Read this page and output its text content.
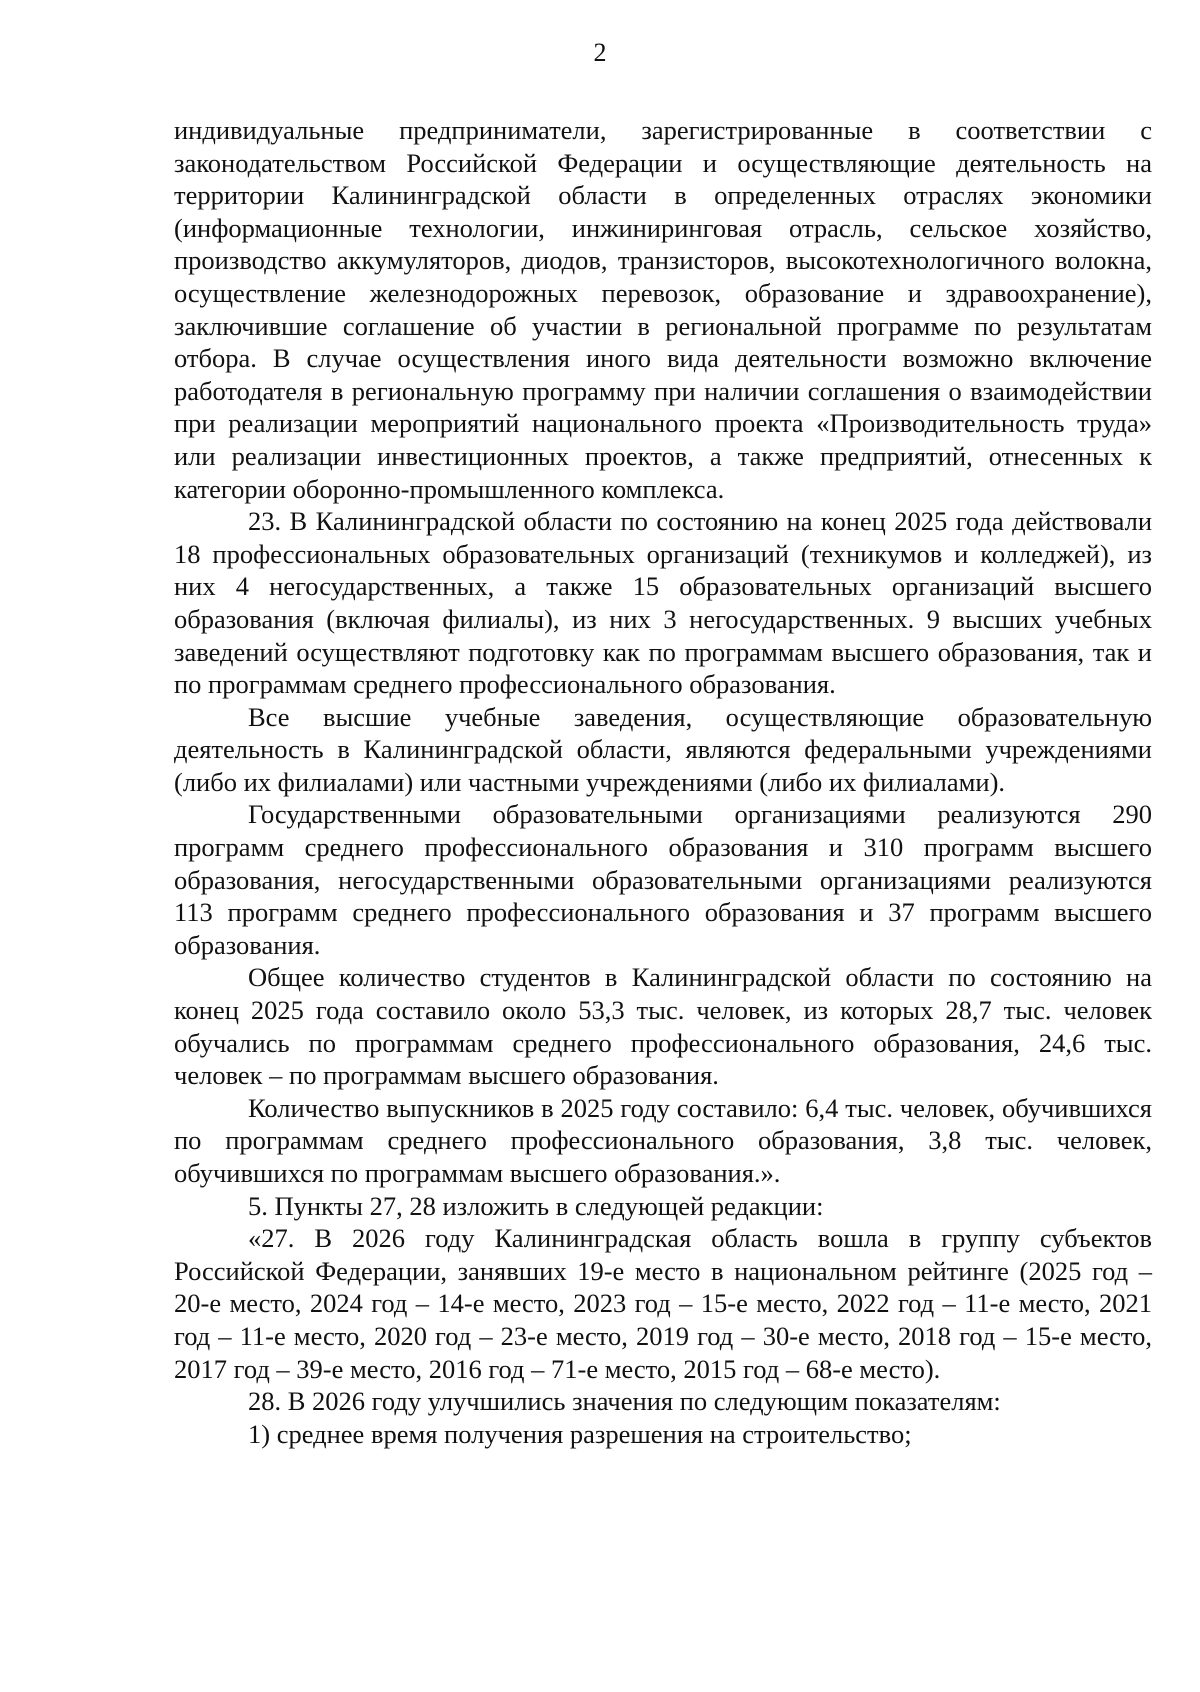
2

индивидуальные предприниматели, зарегистрированные в соответствии с законодательством Российской Федерации и осуществляющие деятельность на территории Калининградской области в определенных отраслях экономики (информационные технологии, инжиниринговая отрасль, сельское хозяйство, производство аккумуляторов, диодов, транзисторов, высокотехнологичного волокна, осуществление железнодорожных перевозок, образование и здравоохранение), заключившие соглашение об участии в региональной программе по результатам отбора. В случае осуществления иного вида деятельности возможно включение работодателя в региональную программу при наличии соглашения о взаимодействии при реализации мероприятий национального проекта «Производительность труда» или реализации инвестиционных проектов, а также предприятий, отнесенных к категории оборонно-промышленного комплекса.

23. В Калининградской области по состоянию на конец 2025 года действовали 18 профессиональных образовательных организаций (техникумов и колледжей), из них 4 негосударственных, а также 15 образовательных организаций высшего образования (включая филиалы), из них 3 негосударственных. 9 высших учебных заведений осуществляют подготовку как по программам высшего образования, так и по программам среднего профессионального образования.

Все высшие учебные заведения, осуществляющие образовательную деятельность в Калининградской области, являются федеральными учреждениями (либо их филиалами) или частными учреждениями (либо их филиалами).

Государственными образовательными организациями реализуются 290 программ среднего профессионального образования и 310 программ высшего образования, негосударственными образовательными организациями реализуются 113 программ среднего профессионального образования и 37 программ высшего образования.

Общее количество студентов в Калининградской области по состоянию на конец 2025 года составило около 53,3 тыс. человек, из которых 28,7 тыс. человек обучались по программам среднего профессионального образования, 24,6 тыс. человек – по программам высшего образования.

Количество выпускников в 2025 году составило: 6,4 тыс. человек, обучившихся по программам среднего профессионального образования, 3,8 тыс. человек, обучившихся по программам высшего образования.».

5. Пункты 27, 28 изложить в следующей редакции:

«27. В 2026 году Калининградская область вошла в группу субъектов Российской Федерации, занявших 19-е место в национальном рейтинге (2025 год – 20-е место, 2024 год – 14-е место, 2023 год – 15-е место, 2022 год – 11-е место, 2021 год – 11-е место, 2020 год – 23-е место, 2019 год – 30-е место, 2018 год – 15-е место, 2017 год – 39-е место, 2016 год – 71-е место, 2015 год – 68-е место).

28. В 2026 году улучшились значения по следующим показателям:

1) среднее время получения разрешения на строительство;
